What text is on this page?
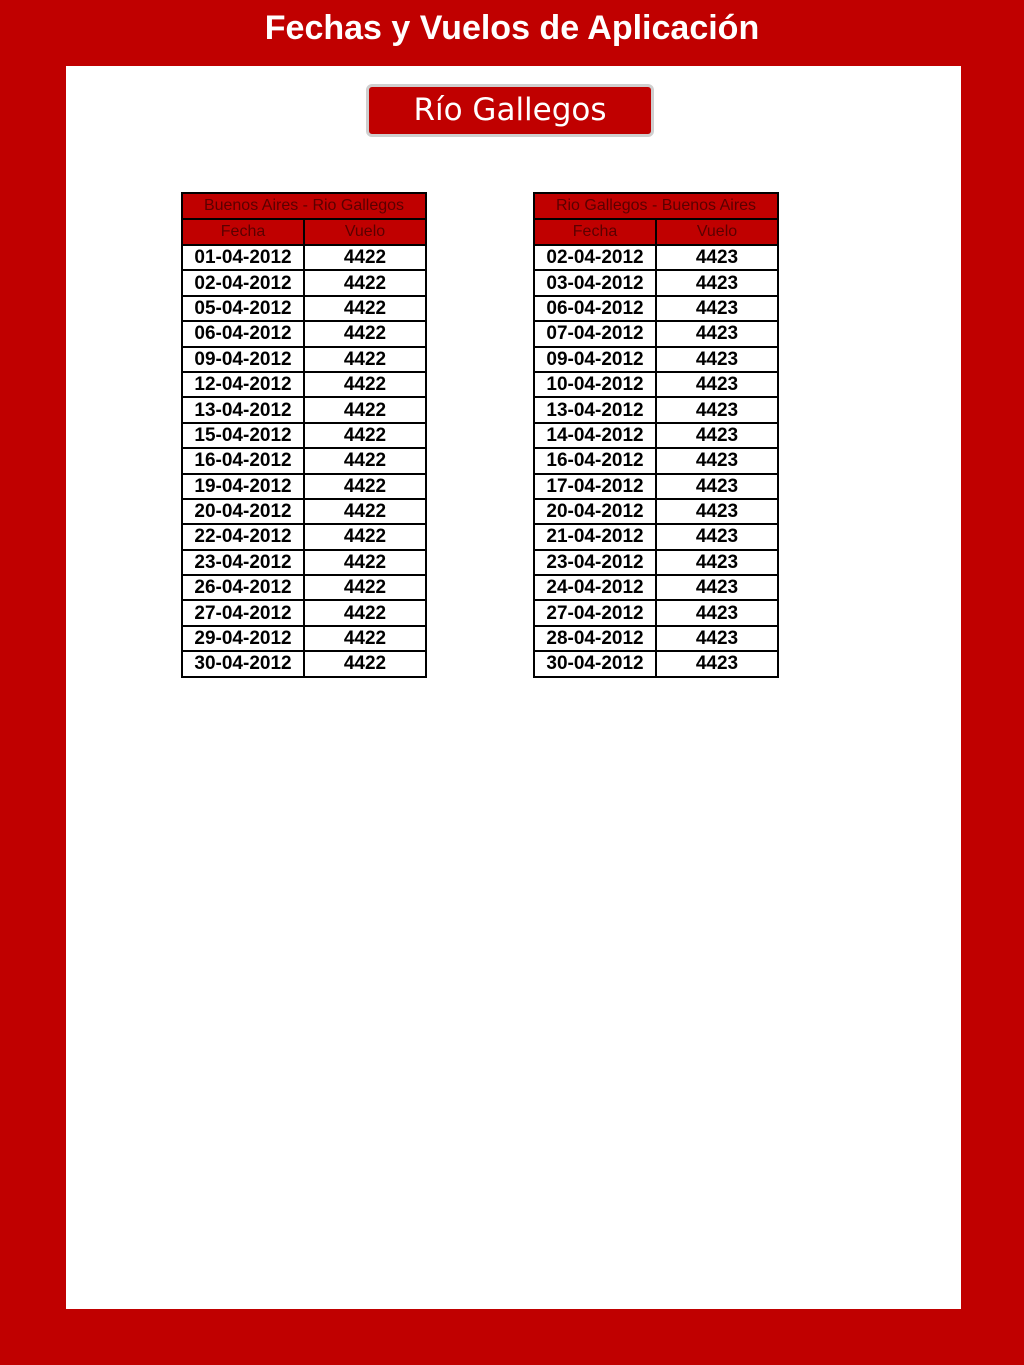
Fechas y Vuelos de Aplicación
Río Gallegos
Buenos Aires - Rio Gallegos	
Fecha	Vuelo
01-04-2012	4422
02-04-2012	4422
05-04-2012	4422
06-04-2012	4422
09-04-2012	4422
12-04-2012	4422
13-04-2012	4422
15-04-2012	4422
16-04-2012	4422
19-04-2012	4422
20-04-2012	4422
22-04-2012	4422
23-04-2012	4422
26-04-2012	4422
27-04-2012	4422
29-04-2012	4422
30-04-2012	4422
Rio Gallegos - Buenos Aires	
Fecha	Vuelo
02-04-2012	4423
03-04-2012	4423
06-04-2012	4423
07-04-2012	4423
09-04-2012	4423
10-04-2012	4423
13-04-2012	4423
14-04-2012	4423
16-04-2012	4423
17-04-2012	4423
20-04-2012	4423
21-04-2012	4423
23-04-2012	4423
24-04-2012	4423
27-04-2012	4423
28-04-2012	4423
30-04-2012	4423
